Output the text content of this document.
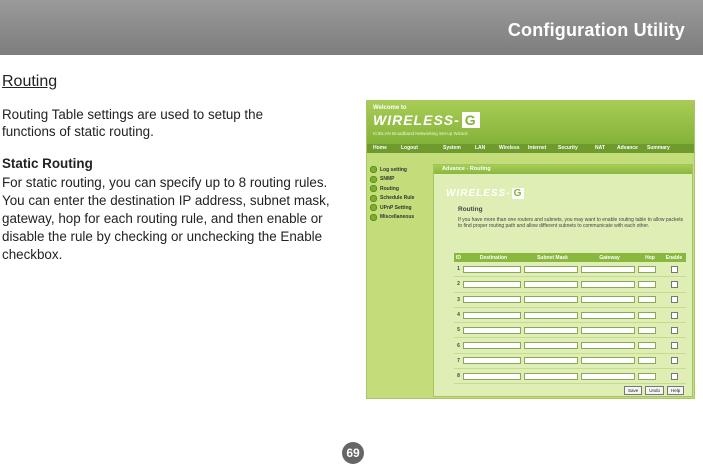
Configuration Utility
Routing
Routing Table settings are used to setup the functions of static routing.
Static Routing
For static routing, you can specify up to 8 routing rules. You can enter the destination IP address, subnet mask, gateway, hop for each routing rule, and then enable or disable the rule by checking or unchecking the Enable checkbox.
Welcome to
WIRELESS- G
ICIDLAN Broadband Networking Set-up Wizard
Home	Logout	System	LAN	Wireless Internet Security	NAT Advance Summary
Log setting
SNMP
Routing
Schedule Rule
UPnP Setting
Miscellaneous
Advance - Routing
WIRELESS- G
Routing
If you have more than one routers and subnets, you may want to enable routing table to allow packets to find proper routing path and allow different subnets to communicate with each other.
ID	Destination	Subnet Mask	Gateway	Hop	Enable
1
2
3
4
5
6
7
8
Save	Undo	Help
69
